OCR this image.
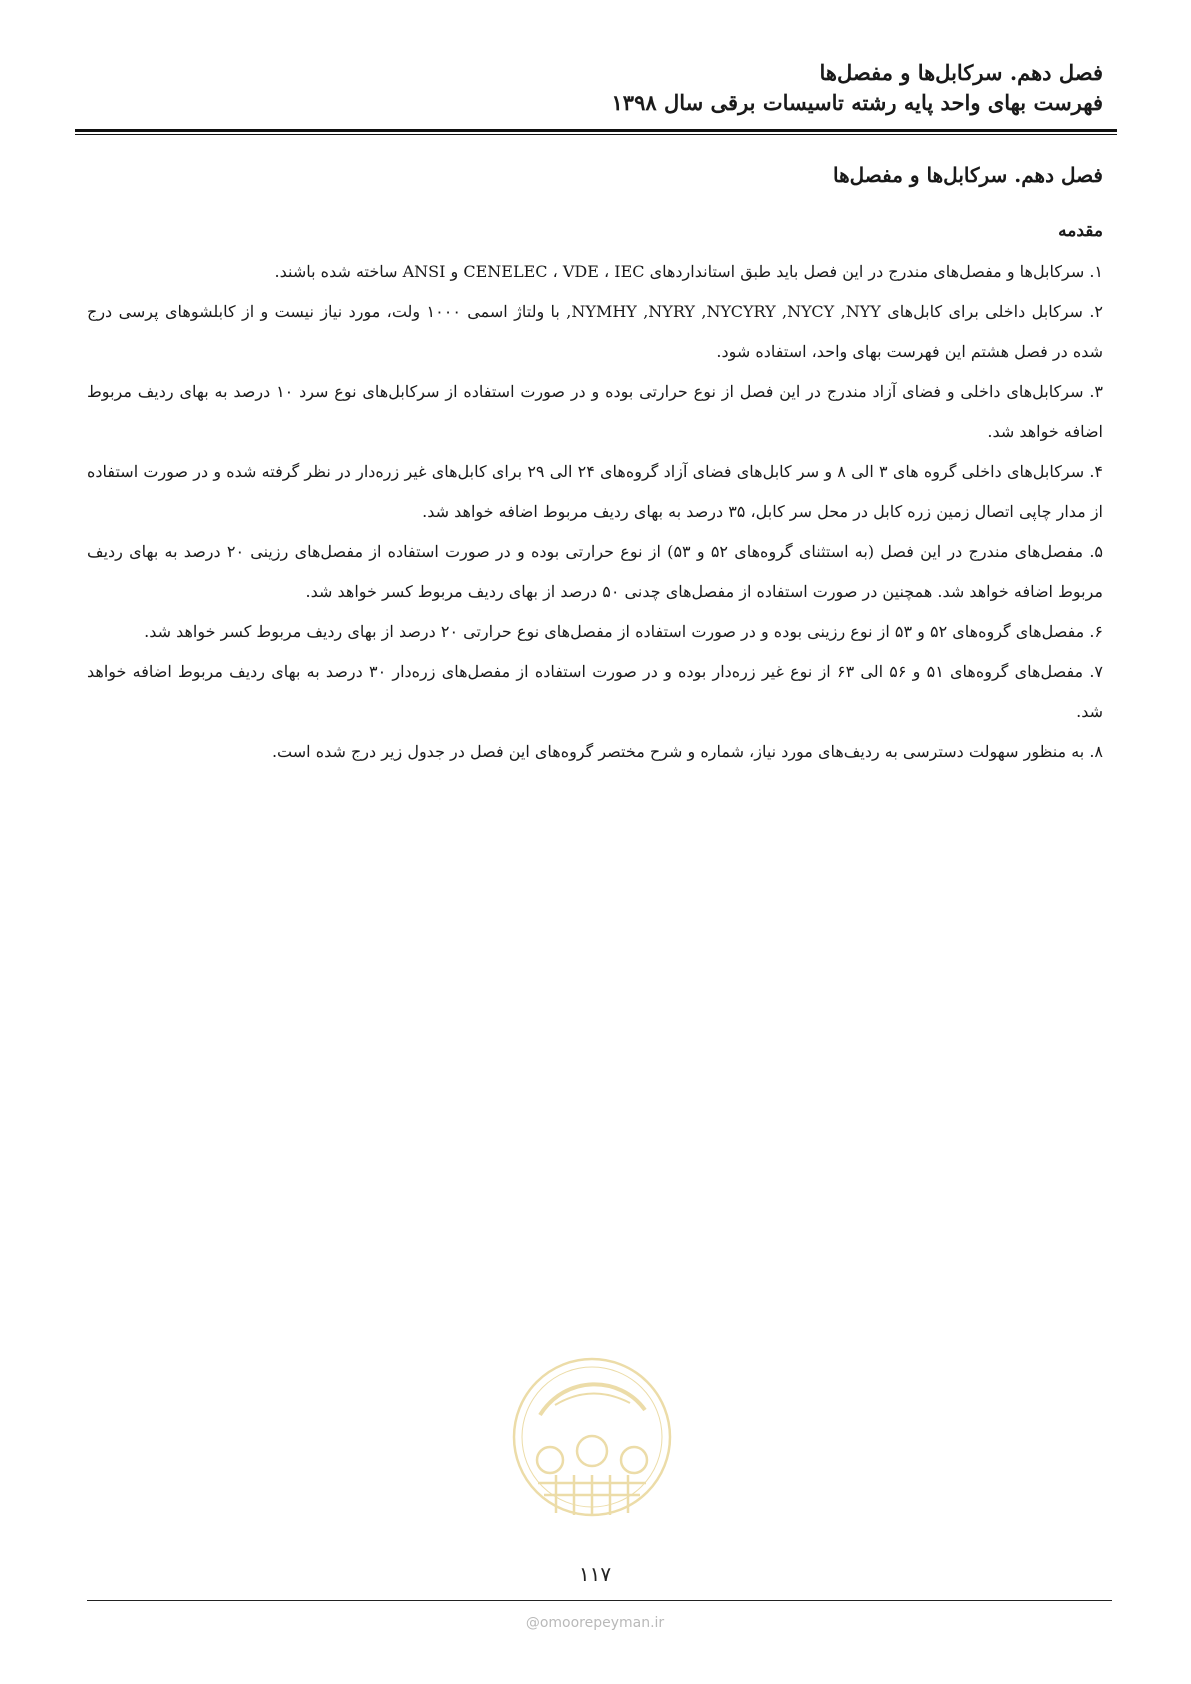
فصل دهم. سرکابل‌ها و مفصل‌ها
فهرست بهای واحد پایه رشته تاسیسات برقی سال ۱۳۹۸
فصل دهم. سرکابل‌ها و مفصل‌ها
مقدمه

۱. سرکابل‌ها و مفصل‌های مندرج در این فصل باید طبق استانداردهای CENELEC ، VDE ، IEC و ANSI ساخته شده باشند.

۲. سرکابل داخلی برای کابل‌های NYMHY ,NYRY ,NYCYRY ,NYCY ,NYY, با ولتاژ اسمی ۱۰۰۰ ولت، مورد نیاز نیست و از کابلشوهای پرسی درج شده در فصل هشتم این فهرست بهای واحد، استفاده شود.

۳. سرکابل‌های داخلی و فضای آزاد مندرج در این فصل از نوع حرارتی بوده و در صورت استفاده از سرکابل‌های نوع سرد ۱۰ درصد به بهای ردیف مربوط اضافه خواهد شد.

۴. سرکابل‌های داخلی گروه های ۳ الی ۸ و سر کابل‌های فضای آزاد گروه‌های ۲۴ الی ۲۹ برای کابل‌های غیر زره‌دار در نظر گرفته شده و در صورت استفاده از مدار چاپی اتصال زمین زره کابل در محل سر کابل، ۳۵ درصد به بهای ردیف مربوط اضافه خواهد شد.

۵. مفصل‌های مندرج در این فصل (به استثنای گروه‌های ۵۲ و ۵۳) از نوع حرارتی بوده و در صورت استفاده از مفصل‌های رزینی ۲۰ درصد به بهای ردیف مربوط اضافه خواهد شد. همچنین در صورت استفاده از مفصل‌های چدنی ۵۰ درصد از بهای ردیف مربوط کسر خواهد شد.

۶. مفصل‌های گروه‌های ۵۲ و ۵۳ از نوع رزینی بوده و در صورت استفاده از مفصل‌های نوع حرارتی ۲۰ درصد از بهای ردیف مربوط کسر خواهد شد.

۷. مفصل‌های گروه‌های ۵۱ و ۵۶ الی ۶۳ از نوع غیر زره‌دار بوده و در صورت استفاده از مفصل‌های زره‌دار ۳۰ درصد به بهای ردیف مربوط اضافه خواهد شد.

۸. به منظور سهولت دسترسی به ردیف‌های مورد نیاز، شماره و شرح مختصر گروه‌های این فصل در جدول زیر درج شده است.

۱۱۷
@omoorepeyman.ir
